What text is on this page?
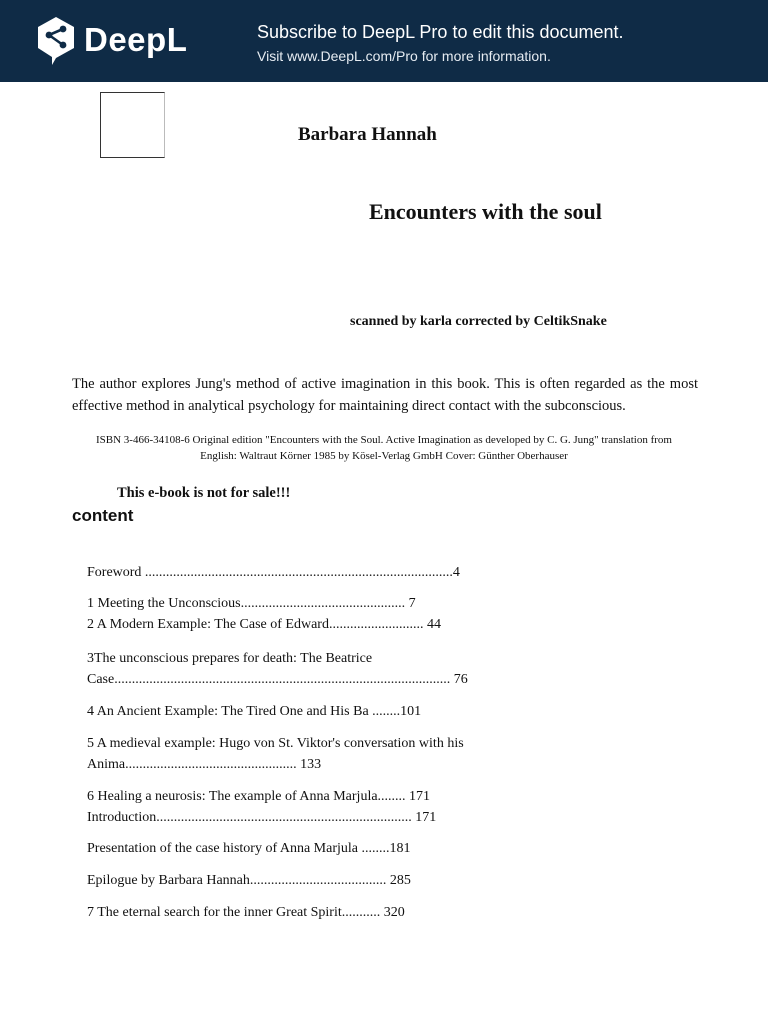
DeepL	Subscribe to DeepL Pro to edit this document.
Visit www.DeepL.com/Pro for more information.
Barbara Hannah
Encounters with the soul
scanned by karla corrected by CeltikSnake
The author explores Jung's method of active imagination in this book. This is often regarded as the most effective method in analytical psychology for maintaining direct contact with the subconscious.
ISBN 3-466-34108-6 Original edition "Encounters with the Soul. Active Imagination as developed by C. G. Jung" translation from
English: Waltraut Körner 1985 by Kösel-Verlag GmbH Cover: Günther Oberhauser
This e-book is not for sale!!!
content
Foreword ........................................................................................4
1 Meeting the Unconscious............................................... 7
2 A Modern Example: The Case of Edward........................... 44
3The unconscious prepares for death: The Beatrice
Case................................................................................................ 76
4 An Ancient Example: The Tired One and His Ba ........101
5 A medieval example: Hugo von St. Viktor's conversation with his
Anima................................................. 133
6 Healing a neurosis: The example of Anna Marjula........ 171
Introduction......................................................................... 171
Presentation of the case history of Anna Marjula ........181
Epilogue by Barbara Hannah....................................... 285
7 The eternal search for the inner Great Spirit........... 320
